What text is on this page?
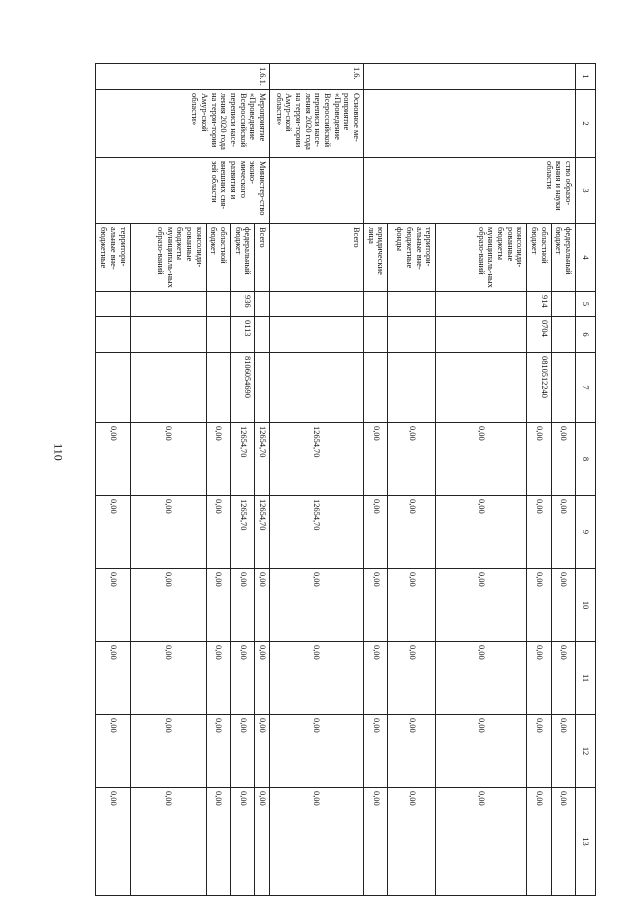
110
1	2	3	4	5	6	7	8	9	10	11	12	13
		ство образо-вания и науки области	федеральный бюджет				0,00	0,00	0,00	0,00	0,00	0,00
			областной бюджет	914	0704	0810512240	0,00	0,00	0,00	0,00	0,00	0,00
			консолиди-рованные бюджеты муниципаль-ных образо-ваний				0,00	0,00	0,00	0,00	0,00	0,00
			территори-альные вне-бюджетные фонды				0,00	0,00	0,00	0,00	0,00	0,00
			юридические лица				0,00	0,00	0,00	0,00	0,00	0,00
1.6.	Основное ме-роприятие «Проведение Всероссийской переписи насе-ления 2020 года на терри-тории Амур-ской области»		Всего				12654,70	12654,70	0,00	0,00	0,00	0,00
1.6.1.	Мероприятие «Проведение Всероссийской переписи насе-ления 2020 года на терри-тории Амур-ской области»	Министер-ство эконо-мического развития и внешних свя-зей области	Всего				12654,70	12654,70	0,00	0,00	0,00	0,00
			федеральный бюджет	936	0113	8106054690	12654,70	12654,70	0,00	0,00	0,00	0,00
			областной бюджет				0,00	0,00	0,00	0,00	0,00	0,00
			консолиди-рованные бюджеты муниципаль-ных образо-ваний				0,00	0,00	0,00	0,00	0,00	0,00
			территори-альные вне-бюджетные				0,00	0,00	0,00	0,00	0,00	0,00
